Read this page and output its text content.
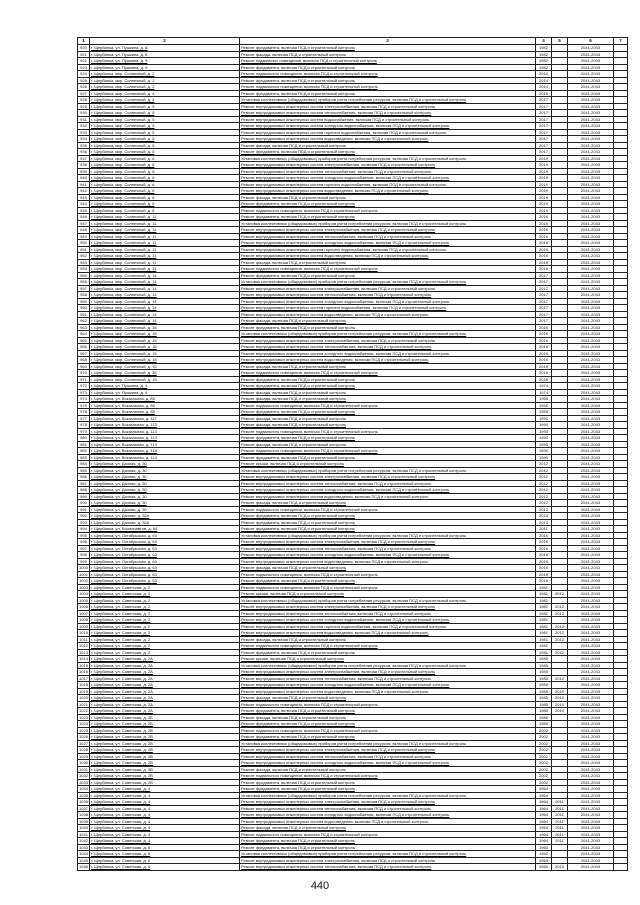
1	2	3	4	5	6	7
920	г. Щербинка, ул. Пушкина, д. 8	Ремонт фундамента, включая ПСД и строительный контроль	1982		2041-2043	
921	г. Щербинка, ул. Пушкина, д. 8	Ремонт фасада, включая ПСД и строительный контроль	1982		2041-2043	
922	г. Щербинка, ул. Пушкина, д. 9	Ремонт подвальных помещений, включая ПСД и строительный контроль	1982		2041-2043	
923	г. Щербинка, ул. Пушкина, д. 9	Ремонт фундамента, включая ПСД и строительный контроль	1982		2041-2043	
924	г. Щербинка, мкр. Солнечный, д. 2	Ремонт подвального помещения, включая ПСД и строительный контроль	2014		2041-2043	
925	г. Щербинка, мкр. Солнечный, д. 2	Ремонт фундамента, включая ПСД и строительный контроль	2014		2041-2043	
926	г. Щербинка, мкр. Солнечный, д. 2	Ремонт подвального помещения, включая ПСД и строительный контроль	2014		2041-2043	
927	г. Щербинка, мкр. Солнечный, д. 4	Ремонт фундамента, включая ПСД и строительный контроль	2015		2041-2043	
928	г. Щербинка, мкр. Солнечный, д. 4	Установка коллективных (общедомовых) приборов учета потребления ресурсов, включая ПСД и строительный контроль	2017		2041-2043	
929	г. Щербинка, мкр. Солнечный, д. 5	Ремонт внутридомовых инженерных систем электроснабжения, включая ПСД и строительный контроль	2017		2041-2043	
930	г. Щербинка, мкр. Солнечный, д. 5	Ремонт внутридомовых инженерных систем теплоснабжения, включая ПСД и строительный контроль	2017		2041-2043	
931	г. Щербинка, мкр. Солнечный, д. 5	Ремонт внутридомовых инженерных систем водоснабжения, включая ПСД и строительный контроль	2017		2041-2043	
932	г. Щербинка, мкр. Солнечный, д. 5	Ремонт внутридомовых инженерных систем холодного водоснабжения, включая ПСД и строительный контроль	2017		2041-2043	
933	г. Щербинка, мкр. Солнечный, д. 5	Ремонт внутридомовых инженерных систем горячего водоснабжения, включая ПСД и строительный контроль	2017		2041-2043	
934	г. Щербинка, мкр. Солнечный, д. 5	Ремонт внутридомовых инженерных систем водоотведения, включая ПСД и строительный контроль	2017		2041-2043	
935	г. Щербинка, мкр. Солнечный, д. 5	Ремонт фасада, включая ПСД и строительный контроль	2017		2041-2043	
936	г. Щербинка, мкр. Солнечный, д. 5	Ремонт фундамента, включая ПСД и строительный контроль	2017		2041-2043	
937	г. Щербинка, мкр. Солнечный, д. 6	Установка коллективных (общедомовых) приборов учета потребления ресурсов, включая ПСД и строительный контроль	2019		2041-2043	
938	г. Щербинка, мкр. Солнечный, д. 6	Ремонт внутридомовых инженерных систем электроснабжения, включая ПСД и строительный контроль	2019		2041-2043	
939	г. Щербинка, мкр. Солнечный, д. 6	Ремонт внутридомовых инженерных систем теплоснабжения, включая ПСД и строительный контроль	2019		2041-2043	
940	г. Щербинка, мкр. Солнечный, д. 6	Ремонт внутридомовых инженерных систем холодного водоснабжения, включая ПСД и строительный контроль	2019		2041-2043	
941	г. Щербинка, мкр. Солнечный, д. 6	Ремонт внутридомовых инженерных систем горячего водоснабжения, включая ПСД и строительный контроль	2019		2041-2043	
942	г. Щербинка, мкр. Солнечный, д. 6	Ремонт внутридомовых инженерных систем водоотведения, включая ПСД и строительный контроль	2019		2041-2043	
943	г. Щербинка, мкр. Солнечный, д. 6	Ремонт фасада, включая ПСД и строительный контроль	2019		2041-2043	
944	г. Щербинка, мкр. Солнечный, д. 6	Ремонт фундамента, включая ПСД и строительный контроль	2019		2041-2043	
945	г. Щербинка, мкр. Солнечный, д. 8	Ремонт подвального помещения, включая ПСД и строительный контроль	2019		2041-2043	
946	г. Щербинка, мкр. Солнечный, д. 11	Ремонт фундамента, включая ПСД и строительный контроль	2016		2041-2043	
947	г. Щербинка, мкр. Солнечный, д. 11	Установка коллективных (общедомовых) приборов учета потребления ресурсов, включая ПСД и строительный контроль	2016		2041-2043	
948	г. Щербинка, мкр. Солнечный, д. 11	Ремонт внутридомовых инженерных систем электроснабжения, включая ПСД и строительный контроль	2016		2041-2043	
949	г. Щербинка, мкр. Солнечный, д. 11	Ремонт внутридомовых инженерных систем теплоснабжения, включая ПСД и строительный контроль	2016		2041-2043	
950	г. Щербинка, мкр. Солнечный, д. 11	Ремонт внутридомовых инженерных систем холодного водоснабжения, включая ПСД и строительный контроль	2016		2041-2043	
951	г. Щербинка, мкр. Солнечный, д. 11	Ремонт внутридомовых инженерных систем горячего водоснабжения, включая ПСД и строительный контроль	2016		2041-2043	
952	г. Щербинка, мкр. Солнечный, д. 11	Ремонт внутридомовых инженерных систем водоотведения, включая ПСД и строительный контроль	2016		2041-2043	
953	г. Щербинка, мкр. Солнечный, д. 11	Ремонт фасада, включая ПСД и строительный контроль	2016		2041-2043	
954	г. Щербинка, мкр. Солнечный, д. 11	Ремонт подвального помещения, включая ПСД и строительный контроль	2016		2041-2043	
955	г. Щербинка, мкр. Солнечный, д. 14	Ремонт фундамента, включая ПСД и строительный контроль	2017		2041-2043	
956	г. Щербинка, мкр. Солнечный, д. 14	Установка коллективных (общедомовых) приборов учета потребления ресурсов, включая ПСД и строительный контроль	2017		2041-2043	
957	г. Щербинка, мкр. Солнечный, д. 14	Ремонт внутридомовых инженерных систем электроснабжения, включая ПСД и строительный контроль	2017		2041-2043	
958	г. Щербинка, мкр. Солнечный, д. 14	Ремонт внутридомовых инженерных систем теплоснабжения, включая ПСД и строительный контроль	2017		2041-2043	
959	г. Щербинка, мкр. Солнечный, д. 14	Ремонт внутридомовых инженерных систем холодного водоснабжения, включая ПСД и строительный контроль	2017		2041-2043	
960	г. Щербинка, мкр. Солнечный, д. 14	Ремонт внутридомовых инженерных систем горячего водоснабжения, включая ПСД и строительный контроль	2017		2041-2043	
961	г. Щербинка, мкр. Солнечный, д. 14	Ремонт внутридомовых инженерных систем водоотведения, включая ПСД и строительный контроль	2017		2041-2043	
962	г. Щербинка, мкр. Солнечный, д. 14	Ремонт фасада, включая ПСД и строительный контроль	2017		2041-2043	
963	г. Щербинка, мкр. Солнечный, д. 15	Ремонт фундамента, включая ПСД и строительный контроль	2016		2041-2043	
964	г. Щербинка, мкр. Солнечный, д. 15	Установка коллективных (общедомовых) приборов учета потребления ресурсов, включая ПСД и строительный контроль	2016		2041-2043	
965	г. Щербинка, мкр. Солнечный, д. 15	Ремонт внутридомовых инженерных систем электроснабжения, включая ПСД и строительный контроль	2016		2041-2043	
966	г. Щербинка, мкр. Солнечный, д. 15	Ремонт внутридомовых инженерных систем теплоснабжения, включая ПСД и строительный контроль	2016		2041-2043	
967	г. Щербинка, мкр. Солнечный, д. 15	Ремонт внутридомовых инженерных систем холодного водоснабжения, включая ПСД и строительный контроль	2016		2041-2043	
968	г. Щербинка, мкр. Солнечный, д. 15	Ремонт внутридомовых инженерных систем водоотведения, включая ПСД и строительный контроль	2016		2041-2043	
969	г. Щербинка, мкр. Солнечный, д. 15	Ремонт фасада, включая ПСД и строительный контроль	2016		2041-2043	
970	г. Щербинка, мкр. Солнечный, д. 15	Ремонт подвального помещения, включая ПСД и строительный контроль	2016		2041-2043	
971	г. Щербинка, мкр. Солнечный, д. 15	Ремонт фундамента, включая ПСД и строительный контроль	2016		2041-2043	
972	г. Щербинка, ул. Пушкина, д. 4	Ремонт фундамента, включая ПСД и строительный контроль	1974		2041-2043	
973	г. Щербинка, ул. Пушкина, д. 4	Ремонт фасада, включая ПСД и строительный контроль	1974		2041-2043	
974	г. Щербинка, ул. Вокзальная, д. 85	Ремонт фасада, включая ПСД и строительный контроль	1955		2041-2043	
975	г. Щербинка, ул. Вокзальная, д. 85	Ремонт подвального помещения, включая ПСД и строительный контроль	1955		2041-2043	
976	г. Щербинка, ул. Вокзальная, д. 85	Ремонт фундамента, включая ПСД и строительный контроль	1955		2041-2043	
977	г. Щербинка, ул. Вокзальная, д. 117	Ремонт фасада, включая ПСД и строительный контроль	1990		2041-2043	
978	г. Щербинка, ул. Вокзальная, д. 113	Ремонт фасада, включая ПСД и строительный контроль	1990		2041-2043	
979	г. Щербинка, ул. Вокзальная, д. 113	Ремонт подвального помещения, включая ПСД и строительный контроль	1990		2041-2043	
980	г. Щербинка, ул. Вокзальная, д. 113	Ремонт фундамента, включая ПСД и строительный контроль	1990		2041-2043	
981	г. Щербинка, ул. Вокзальная, д. 114	Ремонт фасада, включая ПСД и строительный контроль	1990		2041-2043	
982	г. Щербинка, ул. Вокзальная, д. 114	Ремонт подвального помещения, включая ПСД и строительный контроль	1990		2041-2043	
983	г. Щербинка, ул. Вокзальная, д. 114	Ремонт фундамента, включая ПСД и строительный контроль	1990		2041-2043	
984	г. Щербинка, ул. Дачная, д. 30	Ремонт крыши, включая ПСД и строительный контроль	2012		2041-2043	
985	г. Щербинка, ул. Дачная, д. 30	Установка коллективных (общедомовых) приборов учета потребления ресурсов, включая ПСД и строительный контроль	2012		2041-2043	
986	г. Щербинка, ул. Дачная, д. 30	Ремонт внутридомовых инженерных систем электроснабжения, включая ПСД и строительный контроль	2012		2041-2043	
987	г. Щербинка, ул. Дачная, д. 30	Ремонт внутридомовых инженерных систем теплоснабжения, включая ПСД и строительный контроль	2012		2041-2043	
988	г. Щербинка, ул. Дачная, д. 30	Ремонт внутридомовых инженерных систем холодного водоснабжения, включая ПСД и строительный контроль	2012		2041-2043	
989	г. Щербинка, ул. Дачная, д. 30	Ремонт внутридомовых инженерных систем водоотведения, включая ПСД и строительный контроль	2012		2041-2043	
990	г. Щербинка, ул. Дачная, д. 30	Ремонт фасада, включая ПСД и строительный контроль	2012		2041-2043	
991	г. Щербинка, ул. Дачная, д. 30	Ремонт подвального помещения, включая ПСД и строительный контроль	2012		2041-2043	
992	г. Щербинка, ул. Дачная, д. 32А	Ремонт фундамента, включая ПСД и строительный контроль	2013		2041-2043	
993	г. Щербинка, ул. Дачная, д. 32А	Ремонт фундамента, включая ПСД и строительный контроль	2013		2041-2043	
994	г. Щербинка, ул. Космонавтов, д. 64	Ремонт фундамента, включая ПСД и строительный контроль	2011		2041-2043	
995	г. Щербинка, ул. Октябрьская, д. 63	Установка коллективных (общедомовых) приборов учета потребления ресурсов, включая ПСД и строительный контроль	2016		2041-2043	
996	г. Щербинка, ул. Октябрьская, д. 63	Ремонт внутридомовых инженерных систем электроснабжения, включая ПСД и строительный контроль	2016		2041-2043	
997	г. Щербинка, ул. Октябрьская, д. 63	Ремонт внутридомовых инженерных систем теплоснабжения, включая ПСД и строительный контроль	2016		2041-2043	
998	г. Щербинка, ул. Октябрьская, д. 63	Ремонт внутридомовых инженерных систем холодного водоснабжения, включая ПСД и строительный контроль	2016		2041-2043	
999	г. Щербинка, ул. Октябрьская, д. 63	Ремонт внутридомовых инженерных систем водоотведения, включая ПСД и строительный контроль	2016		2041-2043	
1000	г. Щербинка, ул. Октябрьская, д. 63	Ремонт фасада, включая ПСД и строительный контроль	2016		2041-2043	
1001	г. Щербинка, ул. Октябрьская, д. 63	Ремонт подвального помещения, включая ПСД и строительный контроль	2016		2041-2043	
1002	г. Щербинка, ул. Октябрьская, д. 63	Ремонт фундамента, включая ПСД и строительный контроль	2016		2041-2043	
1003	г. Щербинка, ул. Советская, д. 2	Ремонт подвального помещения, включая ПСД и строительный контроль	1981		2041-2043	
1004	г. Щербинка, ул. Советская, д. 2	Ремонт крыши, включая ПСД и строительный контроль	1981	2012	2041-2043	
1005	г. Щербинка, ул. Советская, д. 2	Установка коллективных (общедомовых) приборов учета потребления ресурсов, включая ПСД и строительный контроль	1981		2041-2043	
1006	г. Щербинка, ул. Советская, д. 2	Ремонт внутридомовых инженерных систем электроснабжения, включая ПСД и строительный контроль	1981	2012	2041-2043	
1007	г. Щербинка, ул. Советская, д. 2	Ремонт внутридомовых инженерных систем теплоснабжения, включая ПСД и строительный контроль	1981	2012	2041-2043	
1008	г. Щербинка, ул. Советская, д. 2	Ремонт внутридомовых инженерных систем холодного водоснабжения, включая ПСД и строительный контроль	1981		2041-2043	
1009	г. Щербинка, ул. Советская, д. 2	Ремонт внутридомовых инженерных систем горячего водоснабжения, включая ПСД и строительный контроль	1981	2012	2041-2043	
1010	г. Щербинка, ул. Советская, д. 2	Ремонт внутридомовых инженерных систем водоотведения, включая ПСД и строительный контроль	1981	2012	2041-2043	
1011	г. Щербинка, ул. Советская, д. 2	Ремонт фасада, включая ПСД и строительный контроль	1981	2012	2041-2043	
1012	г. Щербинка, ул. Советская, д. 2	Ремонт подвального помещения, включая ПСД и строительный контроль	1981		2041-2043	
1013	г. Щербинка, ул. Советская, д. 2	Ремонт фундамента, включая ПСД и строительный контроль	1981	2012	2041-2043	
1014	г. Щербинка, ул. Советская, д. 2А	Ремонт крыши, включая ПСД и строительный контроль	1985		2041-2043	
1015	г. Щербинка, ул. Советская, д. 2А	Установка коллективных (общедомовых) приборов учета потребления ресурсов, включая ПСД и строительный контроль	1985		2041-2043	
1016	г. Щербинка, ул. Советская, д. 2А	Ремонт внутридомовых инженерных систем электроснабжения, включая ПСД и строительный контроль	1985		2041-2043	
1017	г. Щербинка, ул. Советская, д. 2А	Ремонт внутридомовых инженерных систем теплоснабжения, включая ПСД и строительный контроль	1985	2010	2041-2043	
1018	г. Щербинка, ул. Советская, д. 2А	Ремонт внутридомовых инженерных систем холодного водоснабжения, включая ПСД и строительный контроль	1985		2041-2043	
1019	г. Щербинка, ул. Советская, д. 2А	Ремонт внутридомовых инженерных систем водоотведения, включая ПСД и строительный контроль	1985	2010	2041-2043	
1020	г. Щербинка, ул. Советская, д. 2А	Ремонт фасада, включая ПСД и строительный контроль	1985	2010	2041-2043	
1021	г. Щербинка, ул. Советская, д. 2А	Ремонт подвального помещения, включая ПСД и строительный контроль	1985	2010	2041-2043	
1022	г. Щербинка, ул. Советская, д. 2А	Ремонт фундамента, включая ПСД и строительный контроль	1985	2010	2041-2043	
1023	г. Щербинка, ул. Советская, д. 2Б	Ремонт фасада, включая ПСД и строительный контроль	1986		2041-2043	
1024	г. Щербинка, ул. Советская, д. 2Б	Ремонт фундамента, включая ПСД и строительный контроль	1986		2041-2043	
1025	г. Щербинка, ул. Советская, д. 2В	Ремонт подвального помещения, включая ПСД и строительный контроль	2002		2041-2043	
1026	г. Щербинка, ул. Советская, д. 2В	Ремонт фундамента, включая ПСД и строительный контроль	2002		2041-2043	
1027	г. Щербинка, ул. Советская, д. 2В	Установка коллективных (общедомовых) приборов учета потребления ресурсов, включая ПСД и строительный контроль	2002		2041-2043	
1028	г. Щербинка, ул. Советская, д. 2В	Ремонт внутридомовых инженерных систем электроснабжения, включая ПСД и строительный контроль	2002		2041-2043	
1029	г. Щербинка, ул. Советская, д. 2В	Ремонт внутридомовых инженерных систем теплоснабжения, включая ПСД и строительный контроль	2002		2041-2043	
1030	г. Щербинка, ул. Советская, д. 2В	Ремонт внутридомовых инженерных систем холодного водоснабжения, включая ПСД и строительный контроль	2002		2041-2043	
1031	г. Щербинка, ул. Советская, д. 2В	Ремонт фасада, включая ПСД и строительный контроль	2002		2041-2043	
1032	г. Щербинка, ул. Советская, д. 2В	Ремонт подвального помещения, включая ПСД и строительный контроль	2002		2041-2043	
1033	г. Щербинка, ул. Советская, д. 2В	Ремонт фундамента, включая ПСД и строительный контроль	2002		2041-2043	
1034	г. Щербинка, ул. Советская, д. 4	Ремонт фундамента, включая ПСД и строительный контроль	1964		2041-2043	
1035	г. Щербинка, ул. Советская, д. 4	Установка коллективных (общедомовых) приборов учета потребления ресурсов, включая ПСД и строительный контроль	1964		2041-2043	
1036	г. Щербинка, ул. Советская, д. 4	Ремонт внутридомовых инженерных систем электроснабжения, включая ПСД и строительный контроль	1964	2011	2041-2043	
1037	г. Щербинка, ул. Советская, д. 4	Ремонт внутридомовых инженерных систем теплоснабжения, включая ПСД и строительный контроль	1964	2011	2041-2043	
1038	г. Щербинка, ул. Советская, д. 4	Ремонт внутридомовых инженерных систем холодного водоснабжения, включая ПСД и строительный контроль	1964	2011	2041-2043	
1039	г. Щербинка, ул. Советская, д. 4	Ремонт внутридомовых инженерных систем водоотведения, включая ПСД и строительный контроль	1964	2011	2041-2043	
1040	г. Щербинка, ул. Советская, д. 4	Ремонт фасада, включая ПСД и строительный контроль	1964	2011	2041-2043	
1041	г. Щербинка, ул. Советская, д. 4	Ремонт подвального помещения, включая ПСД и строительный контроль	1964	2011	2041-2043	
1042	г. Щербинка, ул. Советская, д. 4	Ремонт фундамента, включая ПСД и строительный контроль	1964	2011	2041-2043	
1043	г. Щербинка, ул. Советская, д. 6	Ремонт фундамента, включая ПСД и строительный контроль	1960		2041-2043	
1044	г. Щербинка, ул. Советская, д. 6	Установка коллективных (общедомовых) приборов учета потребления ресурсов, включая ПСД и строительный контроль	1960		2041-2043	
1045	г. Щербинка, ул. Советская, д. 6	Ремонт внутридомовых инженерных систем электроснабжения, включая ПСД и строительный контроль	1960		2041-2043	
1046	г. Щербинка, ул. Советская, д. 6	Ремонт внутридомовых инженерных систем теплоснабжения, включая ПСД и строительный контроль	1960	2010	2041-2043	
440
